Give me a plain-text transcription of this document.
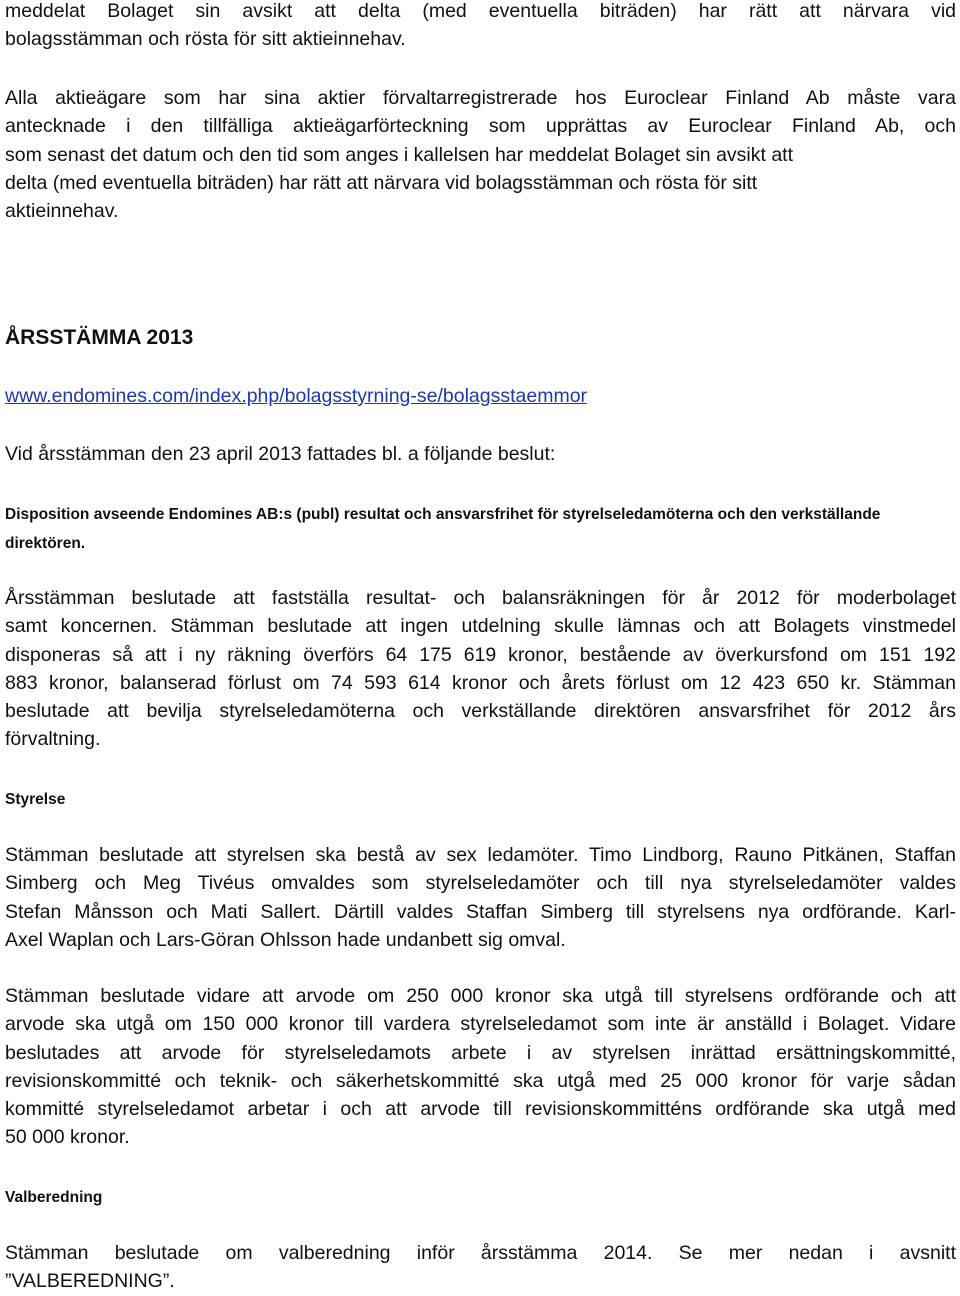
meddelat Bolaget sin avsikt att delta (med eventuella biträden) har rätt att närvara vid
bolagsstämman och rösta för sitt aktieinnehav.
Alla aktieägare som har sina aktier förvaltarregistrerade hos Euroclear Finland Ab måste vara
antecknade i den tillfälliga aktieägarförteckning som upprättas av Euroclear Finland Ab, och
som senast det datum och den tid som anges i kallelsen har meddelat Bolaget sin avsikt att
delta (med eventuella biträden) har rätt att närvara vid bolagsstämman och rösta för sitt
aktieinnehav.
ÅRSSTÄMMA 2013
www.endomines.com/index.php/bolagsstyrning-se/bolagsstaemmor
Vid årsstämman den 23 april 2013 fattades bl. a följande beslut:
Disposition avseende Endomines AB:s (publ) resultat och ansvarsfrihet för styrelseledamöterna och den verkställande
direktören.
Årsstämman beslutade att fastställa resultat- och balansräkningen för år 2012 för moderbolaget
samt koncernen. Stämman beslutade att ingen utdelning skulle lämnas och att Bolagets vinstmedel
disponeras så att i ny räkning överförs 64 175 619 kronor, bestående av överkursfond om 151 192
883 kronor, balanserad förlust om 74 593 614 kronor och årets förlust om 12 423 650 kr. Stämman
beslutade att bevilja styrelseledamöterna och verkställande direktören ansvarsfrihet för 2012 års
förvaltning.
Styrelse
Stämman beslutade att styrelsen ska bestå av sex ledamöter. Timo Lindborg, Rauno Pitkänen, Staffan
Simberg och Meg Tivéus omvaldes som styrelseledamöter och till nya styrelseledamöter valdes
Stefan Månsson och Mati Sallert. Därtill valdes Staffan Simberg till styrelsens nya ordförande. Karl-
Axel Waplan och Lars-Göran Ohlsson hade undanbett sig omval.
Stämman beslutade vidare att arvode om 250 000 kronor ska utgå till styrelsens ordförande och att
arvode ska utgå om 150 000 kronor till vardera styrelseledamot som inte är anställd i Bolaget. Vidare
beslutades att arvode för styrelseledamots arbete i av styrelsen inrättad ersättningskommitté,
revisionskommitté och teknik- och säkerhetskommitté ska utgå med 25 000 kronor för varje sådan
kommitté styrelseledamot arbetar i och att arvode till revisionskommitténs ordförande ska utgå med
50 000 kronor.
Valberedning
Stämman beslutade om valberedning inför årsstämma 2014. Se mer nedan i avsnitt
”VALBEREDNING”.
